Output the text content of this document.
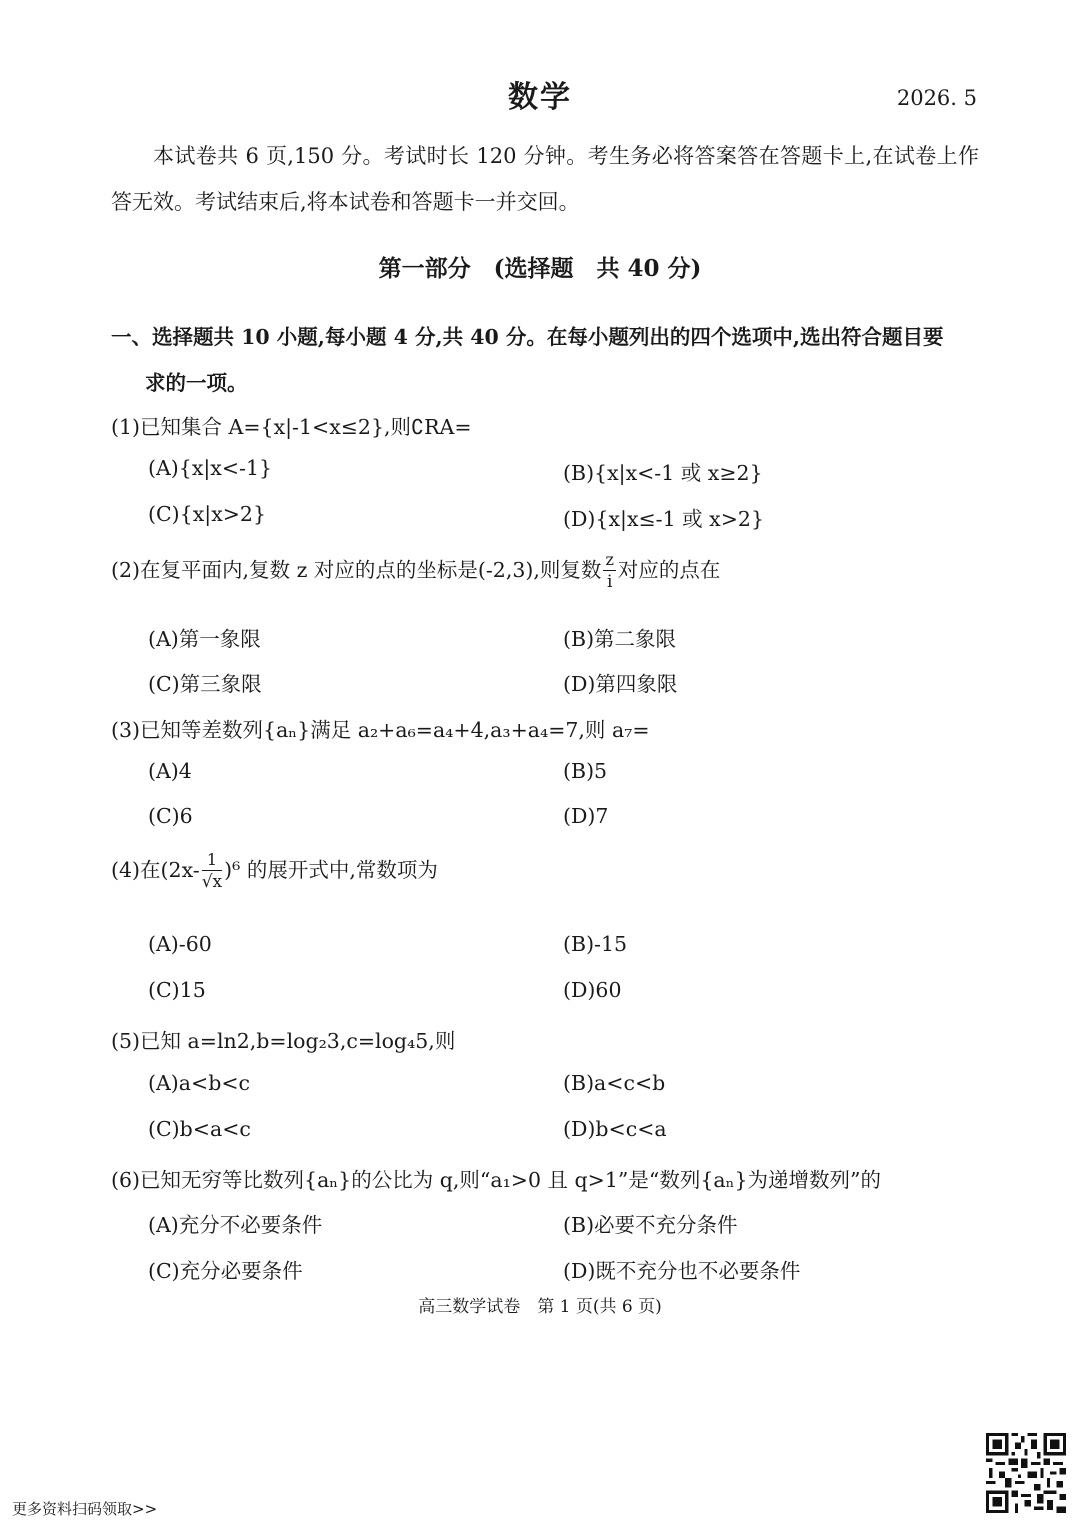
数学	2026. 5
本试卷共 6 页,150 分。考试时长 120 分钟。考生务必将答案答在答题卡上,在试卷上作答无效。考试结束后,将本试卷和答题卡一并交回。
第一部分　(选择题　共 40 分)
一、选择题共 10 小题,每小题 4 分,共 40 分。在每小题列出的四个选项中,选出符合题目要
求的一项。
(1)已知集合 A={x|-1<x≤2},则∁RA=
(A){x|x<-1}	(B){x|x<-1 或 x≥2}
(C){x|x>2}	(D){x|x≤-1 或 x>2}
(2)在复平面内,复数 z 对应的点的坐标是(-2,3),则复数 $\frac{z}{i}$ 对应的点在
(A)第一象限	(B)第二象限
(C)第三象限	(D)第四象限
(3)已知等差数列{aₙ}满足 a₂+a₆=a₄+4,a₃+a₄=7,则 a₇=
(A)4	(B)5
(C)6	(D)7
(4)在$(2x- \frac{1}{√x} )^6$ 的展开式中,常数项为
(A)-60	(B)-15
(C)15	(D)60
(5)已知 a=ln2,b=log₂3,c=log₄5,则
(A)a<b<c	(B)a<c<b
(C)b<a<c	(D)b<c<a
(6)已知无穷等比数列{aₙ}的公比为 q,则“a₁>0 且 q>1”是“数列{aₙ}为递增数列”的
(A)充分不必要条件	(B)必要不充分条件
(C)充分必要条件	(D)既不充分也不必要条件
高三数学试卷　第 1 页(共 6 页)
更多资料扫码领取>>
